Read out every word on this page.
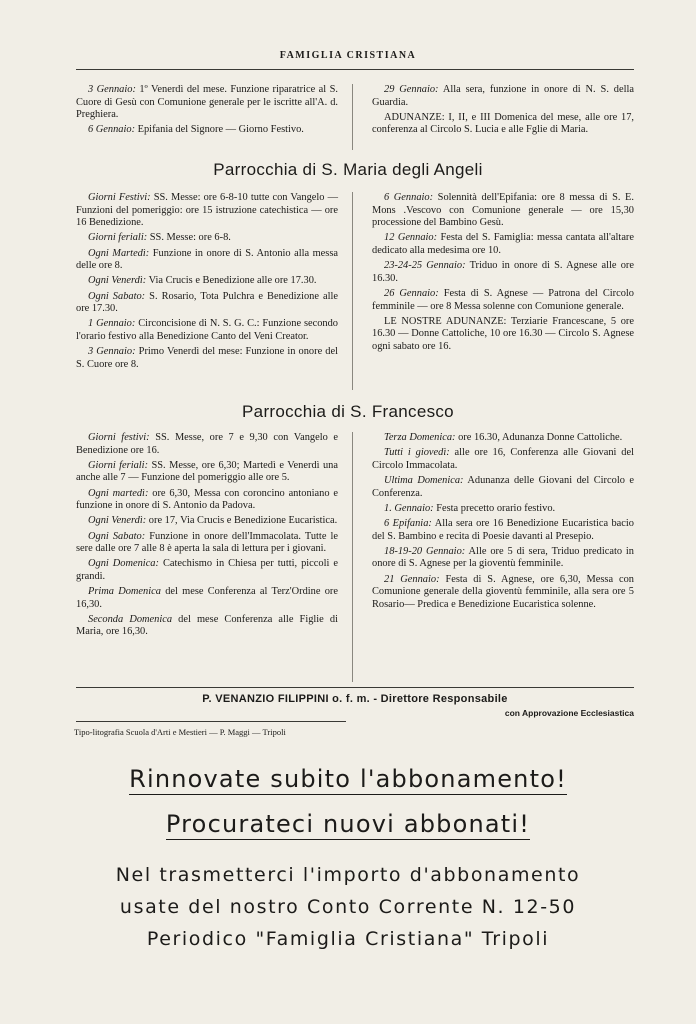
FAMIGLIA CRISTIANA

3 Gennaio: 1º Venerdì del mese. Funzione riparatrice al S. Cuore di Gesù con Comunione generale per le iscritte all'A. d. Preghiera.

6 Gennaio: Epifania del Signore — Giorno Festivo.

29 Gennaio: Alla sera, funzione in onore di N. S. della Guardia.

ADUNANZE: I, II, e III Domenica del mese, alle ore 17, conferenza al Circolo S. Lucia e alle Fglie di Maria.

Parrocchia di S. Maria degli Angeli

Giorni Festivi: SS. Messe: ore 6-8-10 tutte con Vangelo — Funzioni del pomeriggio: ore 15 istruzione catechistica — ore 16 Benedizione.

Giorni feriali: SS. Messe: ore 6-8.

Ogni Martedì: Funzione in onore di S. Antonio alla messa delle ore 8.

Ogni Venerdì: Via Crucis e Benedizione alle ore 17.30.

Ogni Sabato: S. Rosario, Tota Pulchra e Benedizione alle ore 17.30.

1 Gennaio: Circoncisione di N. S. G. C.: Funzione secondo l'orario festivo alla Benedizione Canto del Veni Creator.

3 Gennaio: Primo Venerdì del mese: Funzione in onore del S. Cuore ore 8.

6 Gennaio: Solennità dell'Epifania: ore 8 messa di S. E. Mons .Vescovo con Comunione generale — ore 15,30 processione del Bambino Gesù.

12 Gennaio: Festa del S. Famiglia: messa cantata all'altare dedicato alla medesima ore 10.

23-24-25 Gennaio: Triduo in onore di S. Agnese alle ore 16.30.

26 Gennaio: Festa di S. Agnese — Patrona del Circolo femminile — ore 8 Messa solenne con Comunione generale.

LE NOSTRE ADUNANZE: Terziarie Francescane, 5 ore 16.30 — Donne Cattoliche, 10 ore 16.30 — Circolo S. Agnese ogni sabato ore 16.

Parrocchia di S. Francesco

Giorni festivi: SS. Messe, ore 7 e 9,30 con Vangelo e Benedizione ore 16.

Giorni feriali: SS. Messe, ore 6,30; Martedì e Venerdì una anche alle 7 — Funzione del pomeriggio alle ore 5.

Ogni martedì: ore 6,30, Messa con coroncino antoniano e funzione in onore di S. Antonio da Padova.

Ogni Venerdì: ore 17, Via Crucis e Benedizione Eucaristica.

Ogni Sabato: Funzione in onore dell'Immacolata. Tutte le sere dalle ore 7 alle 8 è aperta la sala di lettura per i giovani.

Ogni Domenica: Catechismo in Chiesa per tutti, piccoli e grandi.

Prima Domenica del mese Conferenza al Terz'Ordine ore 16,30.

Seconda Domenica del mese Conferenza alle Figlie di Maria, ore 16,30.

Terza Domenica: ore 16.30, Adunanza Donne Cattoliche.

Tutti i giovedì: alle ore 16, Conferenza alle Giovani del Circolo Immacolata.

Ultima Domenica: Adunanza delle Giovani del Circolo e Conferenza.

1. Gennaio: Festa precetto orario festivo.

6 Epifania: Alla sera ore 16 Benedizione Eucaristica bacio del S. Bambino e recita di Poesie davanti al Presepio.

18-19-20 Gennaio: Alle ore 5 di sera, Triduo predicato in onore di S. Agnese per la gioventù femminile.

21 Gennaio: Festa di S. Agnese, ore 6,30, Messa con Comunione generale della gioventù femminile, alla sera ore 5 Rosario— Predica e Benedizione Eucaristica solenne.

P. VENANZIO FILIPPINI o. f. m. - Direttore Responsabile
con Approvazione Ecclesiastica
Tipo-litografia Scuola d'Arti e Mestieri — P. Maggi — Tripoli
Rinnovate subito l'abbonamento!
Procurateci nuovi abbonati!
Nel trasmetterci l'importo d'abbonamento
usate del nostro Conto Corrente N. 12-50
Periodico "Famiglia Cristiana" Tripoli
